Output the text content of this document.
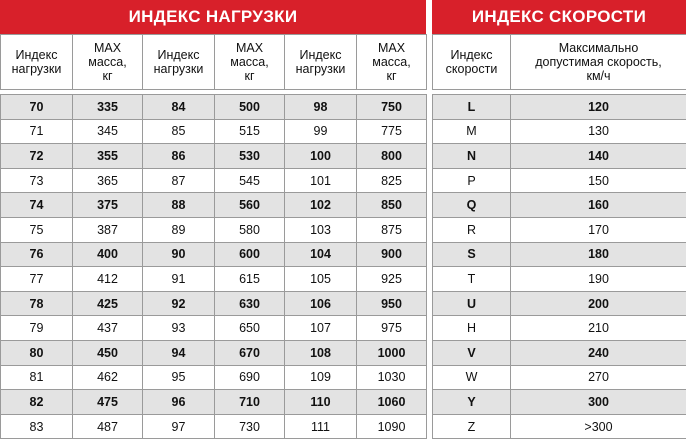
ИНДЕКС НАГРУЗКИ
Индекс
нагрузки	MAX
масса,
кг	Индекс
нагрузки	MAX
масса,
кг	Индекс
нагрузки	MAX
масса,
кг

70	335	84	500	98	750
71	345	85	515	99	775
72	355	86	530	100	800
73	365	87	545	101	825
74	375	88	560	102	850
75	387	89	580	103	875
76	400	90	600	104	900
77	412	91	615	105	925
78	425	92	630	106	950
79	437	93	650	107	975
80	450	94	670	108	1000
81	462	95	690	109	1030
82	475	96	710	110	1060
83	487	97	730	111	1090
ИНДЕКС СКОРОСТИ
Индекс
скорости	Максимально
допустимая скорость,
км/ч

L	120
M	130
N	140
P	150
Q	160
R	170
S	180
T	190
U	200
H	210
V	240
W	270
Y	300
Z	>300
